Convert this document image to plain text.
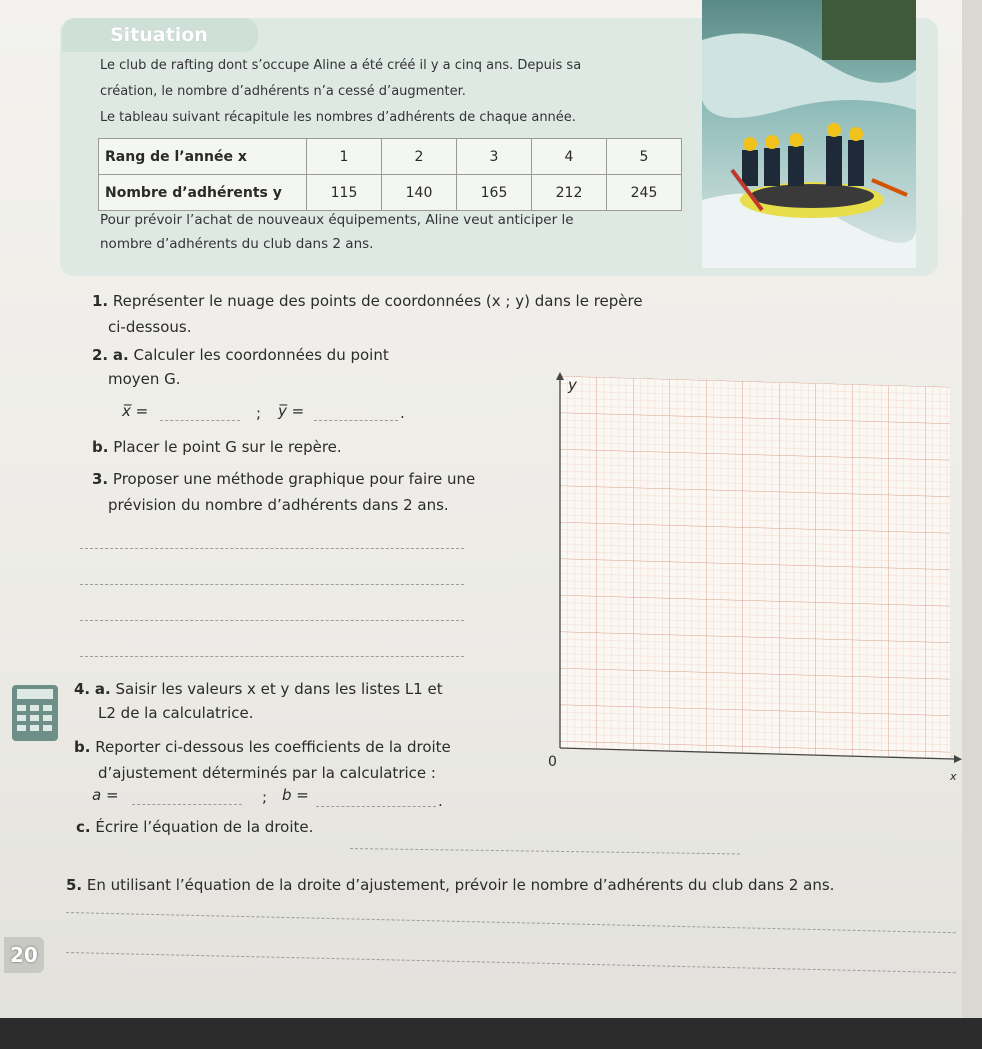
Situation
Le club de rafting dont s’occupe Aline a été créé il y a cinq ans. Depuis sa
création, le nombre d’adhérents n’a cessé d’augmenter.
Le tableau suivant récapitule les nombres d’adhérents de chaque année.
Rang de l’année x	1	2	3	4	5
Nombre d’adhérents y	115	140	165	212	245
Pour prévoir l’achat de nouveaux équipements, Aline veut anticiper le
nombre d’adhérents du club dans 2 ans.
1. Représenter le nuage des points de coordonnées (x ; y) dans le repère
ci-dessous.
2. a. Calculer les coordonnées du point
moyen G.
x̅ =	; y̅ =	.
b. Placer le point G sur le repère.
3. Proposer une méthode graphique pour faire une
prévision du nombre d’adhérents dans 2 ans.
4. a. Saisir les valeurs x et y dans les listes L1 et
L2 de la calculatrice.
b. Reporter ci-dessous les coefficients de la droite
d’ajustement déterminés par la calculatrice :
a =	; b =	.
c. Écrire l’équation de la droite.
5. En utilisant l’équation de la droite d’ajustement, prévoir le nombre d’adhérents du club dans 2 ans.
y
0
x
20
